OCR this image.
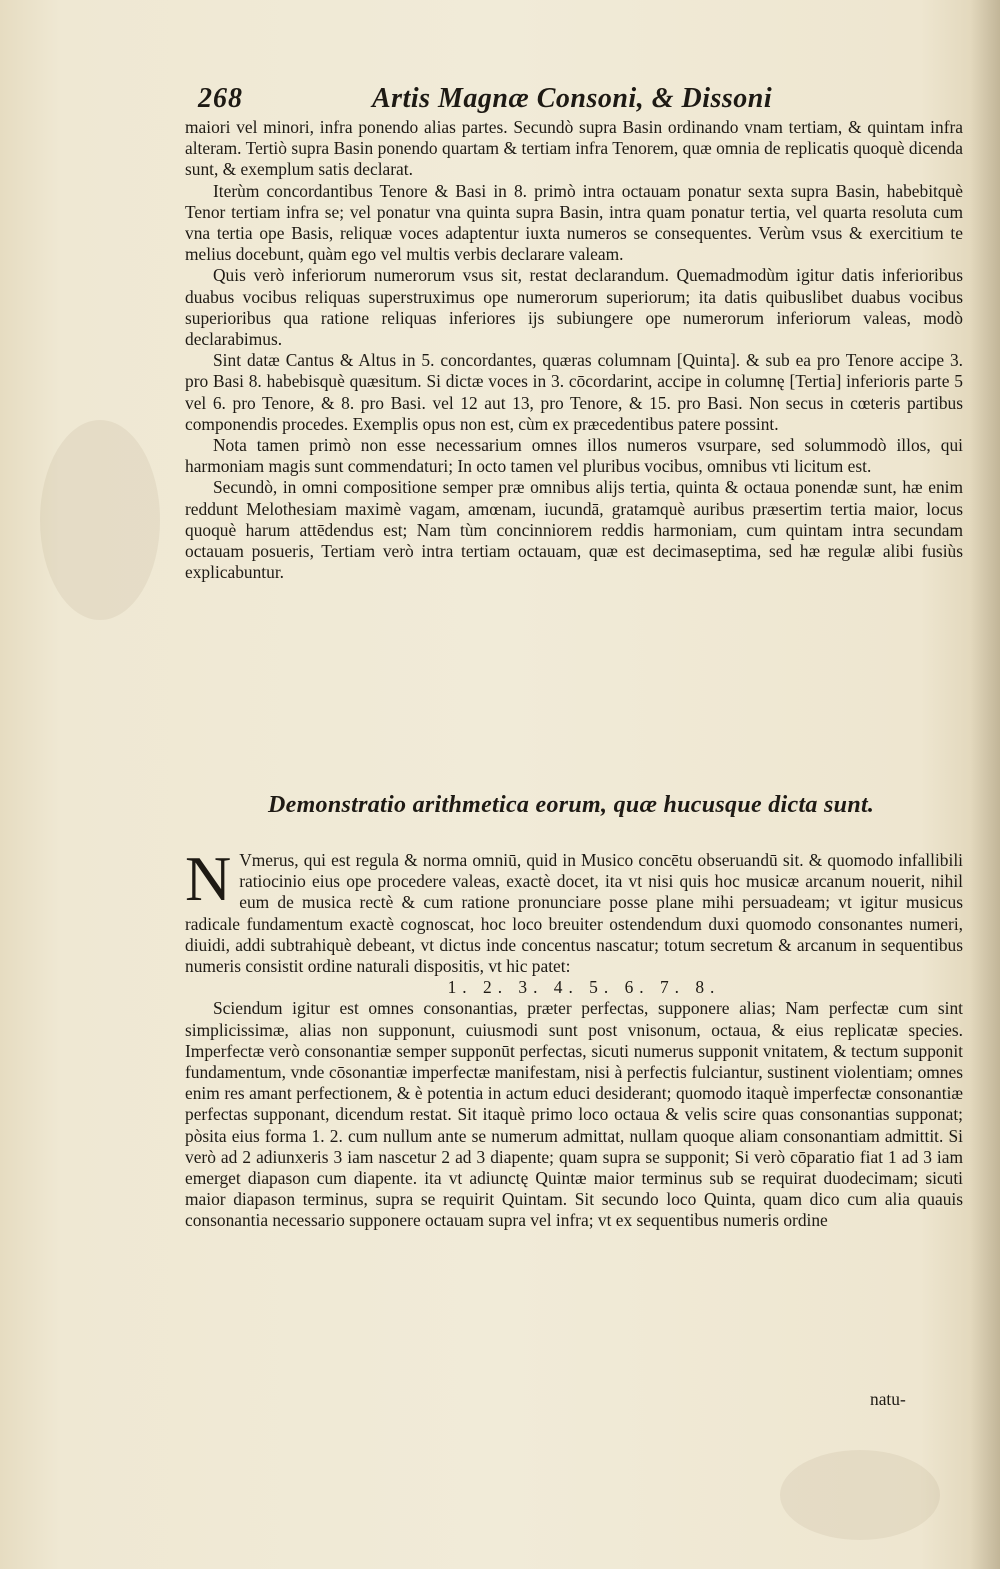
268	Artis Magnæ Consoni, & Dissoni

maiori vel minori, infra ponendo alias partes. Secundò supra Basin ordinando vnam tertiam, & quintam infra alteram. Tertiò supra Basin ponendo quartam & tertiam infra Tenorem, quæ omnia de replicatis quoquè dicenda sunt, & exemplum satis declarat.

Iterùm concordantibus Tenore & Basi in 8. primò intra octauam ponatur sexta supra Basin, habebitquè Tenor tertiam infra se; vel ponatur vna quinta supra Basin, intra quam ponatur tertia, vel quarta resoluta cum vna tertia ope Basis, reliquæ voces adaptentur iuxta numeros se consequentes. Verùm vsus & exercitium te melius docebunt, quàm ego vel multis verbis declarare valeam.

Quis verò inferiorum numerorum vsus sit, restat declarandum. Quemadmodùm igitur datis inferioribus duabus vocibus reliquas superstruximus ope numerorum superiorum; ita datis quibuslibet duabus vocibus superioribus qua ratione reliquas inferiores ijs subiungere ope numerorum inferiorum valeas, modò declarabimus.

Sint datæ Cantus & Altus in 5. concordantes, quæras columnam [Quinta]. & sub ea pro Tenore accipe 3. pro Basi 8. habebisquè quæsitum. Si dictæ voces in 3. cōcordarint, accipe in columnę [Tertia] inferioris parte 5 vel 6. pro Tenore, & 8. pro Basi. vel 12 aut 13, pro Tenore, & 15. pro Basi. Non secus in cœteris partibus componendis procedes. Exemplis opus non est, cùm ex præcedentibus patere possint.

Nota tamen primò non esse necessarium omnes illos numeros vsurpare, sed solummodò illos, qui harmoniam magis sunt commendaturi; In octo tamen vel pluribus vocibus, omnibus vti licitum est.

Secundò, in omni compositione semper præ omnibus alijs tertia, quinta & octaua ponendæ sunt, hæ enim reddunt Melothesiam maximè vagam, amœnam, iucundā, gratamquè auribus præsertim tertia maior, locus quoquè harum attēdendus est; Nam tùm concinniorem reddis harmoniam, cum quintam intra secundam octauam posueris, Tertiam verò intra tertiam octauam, quæ est decimaseptima, sed hæ regulæ alibi fusiùs explicabuntur.

Demonstratio arithmetica eorum, quæ hucusque dicta sunt.

N Vmerus, qui est regula & norma omniū, quid in Musico concētu obseruandū sit. & quomodo infallibili ratiocinio eius ope procedere valeas, exactè docet, ita vt nisi quis hoc musicæ arcanum nouerit, nihil eum de musica rectè & cum ratione pronunciare posse plane mihi persuadeam; vt igitur musicus radicale fundamentum exactè cognoscat, hoc loco breuiter ostendendum duxi quomodo consonantes numeri, diuidi, addi subtrahiquè debeant, vt dictus inde concentus nascatur; totum secretum & arcanum in sequentibus numeris consistit ordine naturali dispositis, vt hic patet:

1. 2. 3. 4. 5. 6. 7. 8.

Sciendum igitur est omnes consonantias, præter perfectas, supponere alias; Nam perfectæ cum sint simplicissimæ, alias non supponunt, cuiusmodi sunt post vnisonum, octaua, & eius replicatæ species. Imperfectæ verò consonantiæ semper supponūt perfectas, sicuti numerus supponit vnitatem, & tectum supponit fundamentum, vnde cōsonantiæ imperfectæ manifestam, nisi à perfectis fulciantur, sustinent violentiam; omnes enim res amant perfectionem, & è potentia in actum educi desiderant; quomodo itaquè imperfectæ consonantiæ perfectas supponant, dicendum restat. Sit itaquè primo loco octaua & velis scire quas consonantias supponat; pòsita eius forma 1. 2. cum nullum ante se numerum admittat, nullam quoque aliam consonantiam admittit. Si verò ad 2 adiunxeris 3 iam nascetur 2 ad 3 diapente; quam supra se supponit; Si verò cōparatio fiat 1 ad 3 iam emerget diapason cum diapente. ita vt adiunctę Quintæ maior terminus sub se requirat duodecimam; sicuti maior diapason terminus, supra se requirit Quintam. Sit secundo loco Quinta, quam dico cum alia quauis consonantia necessario supponere octauam supra vel infra; vt ex sequentibus numeris ordine

natu-
